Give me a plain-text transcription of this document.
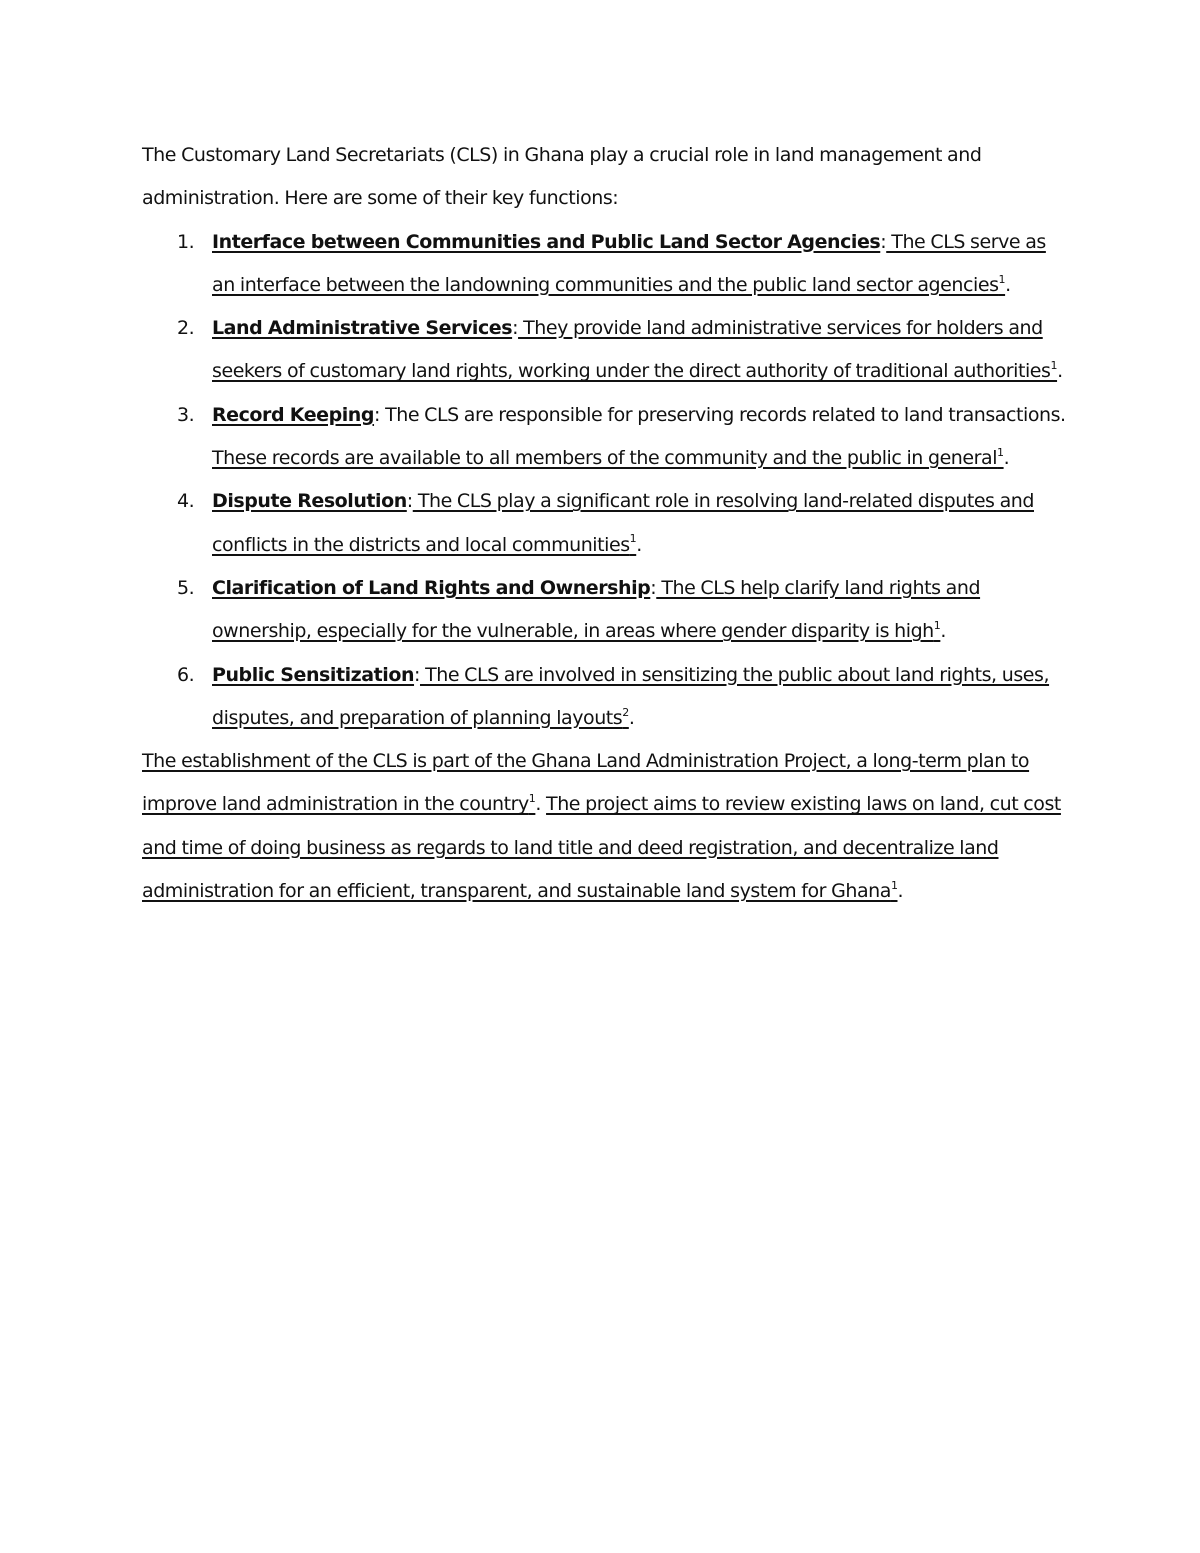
The Customary Land Secretariats (CLS) in Ghana play a crucial role in land management and administration. Here are some of their key functions:

1. Interface between Communities and Public Land Sector Agencies: The CLS serve as an interface between the landowning communities and the public land sector agencies$^1$.
2. Land Administrative Services: They provide land administrative services for holders and seekers of customary land rights, working under the direct authority of traditional authorities$^1$.
3. Record Keeping: The CLS are responsible for preserving records related to land transactions. These records are available to all members of the community and the public in general$^1$.
4. Dispute Resolution: The CLS play a significant role in resolving land-related disputes and conflicts in the districts and local communities$^1$.
5. Clarification of Land Rights and Ownership: The CLS help clarify land rights and ownership, especially for the vulnerable, in areas where gender disparity is high$^1$.
6. Public Sensitization: The CLS are involved in sensitizing the public about land rights, uses, disputes, and preparation of planning layouts$^2$.

The establishment of the CLS is part of the Ghana Land Administration Project, a long-term plan to improve land administration in the country$^1$. The project aims to review existing laws on land, cut cost and time of doing business as regards to land title and deed registration, and decentralize land administration for an efficient, transparent, and sustainable land system for Ghana$^1$.
